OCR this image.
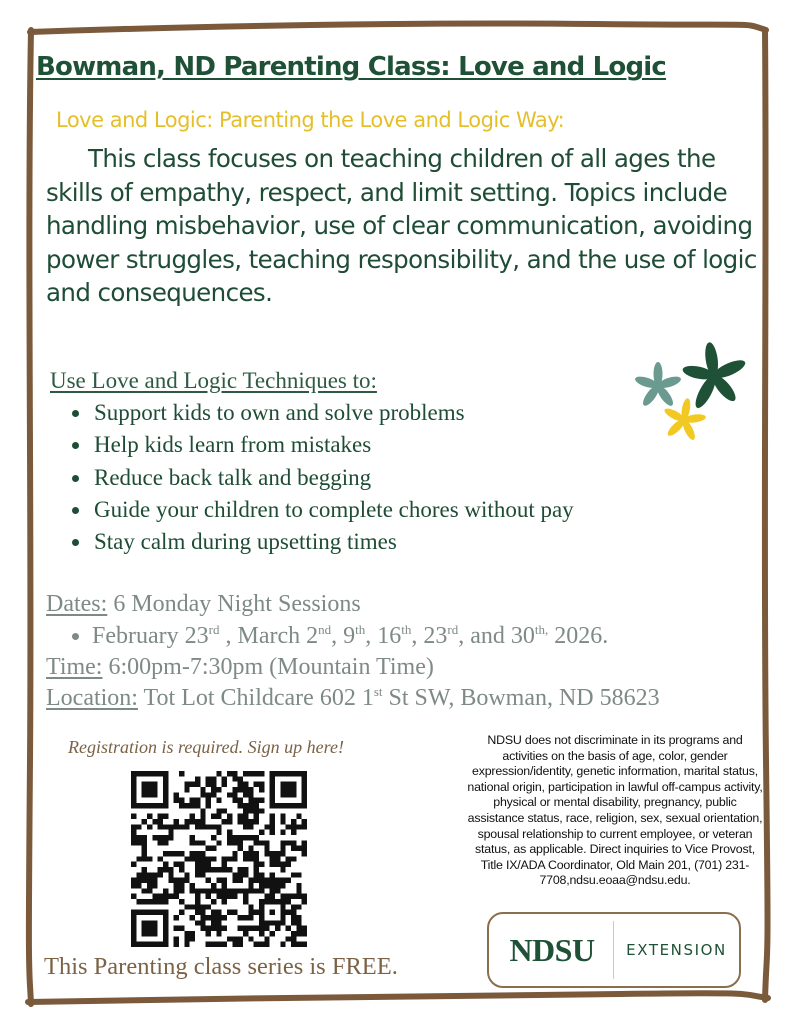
Bowman, ND Parenting Class: Love and Logic
Love and Logic: Parenting the Love and Logic Way:

This class focuses on teaching children of all ages the skills of empathy, respect, and limit setting. Topics include handling misbehavior, use of clear communication, avoiding power struggles, teaching responsibility, and the use of logic and consequences.

Use Love and Logic Techniques to:
• Support kids to own and solve problems
• Help kids learn from mistakes
• Reduce back talk and begging
• Guide your children to complete chores without pay
• Stay calm during upsetting times
Dates: 6 Monday Night Sessions
• February 23rd , March 2nd, 9th, 16th, 23rd, and $30^{th,}$ 2026.
Time: 6:00pm-7:30pm (Mountain Time)
Location: Tot Lot Childcare 602 1st St SW, Bowman, ND 58623
Registration is required. Sign up here!
This Parenting class series is FREE.
NDSU does not discriminate in its programs and activities on the basis of age, color, gender expression/identity, genetic information, marital status, national origin, participation in lawful off-campus activity, physical or mental disability, pregnancy, public assistance status, race, religion, sex, sexual orientation, spousal relationship to current employee, or veteran status, as applicable. Direct inquiries to Vice Provost, Title IX/ADA Coordinator, Old Main 201, (701) 231-7708,ndsu.eoaa@ndsu.edu.
NDSU	EXTENSION
